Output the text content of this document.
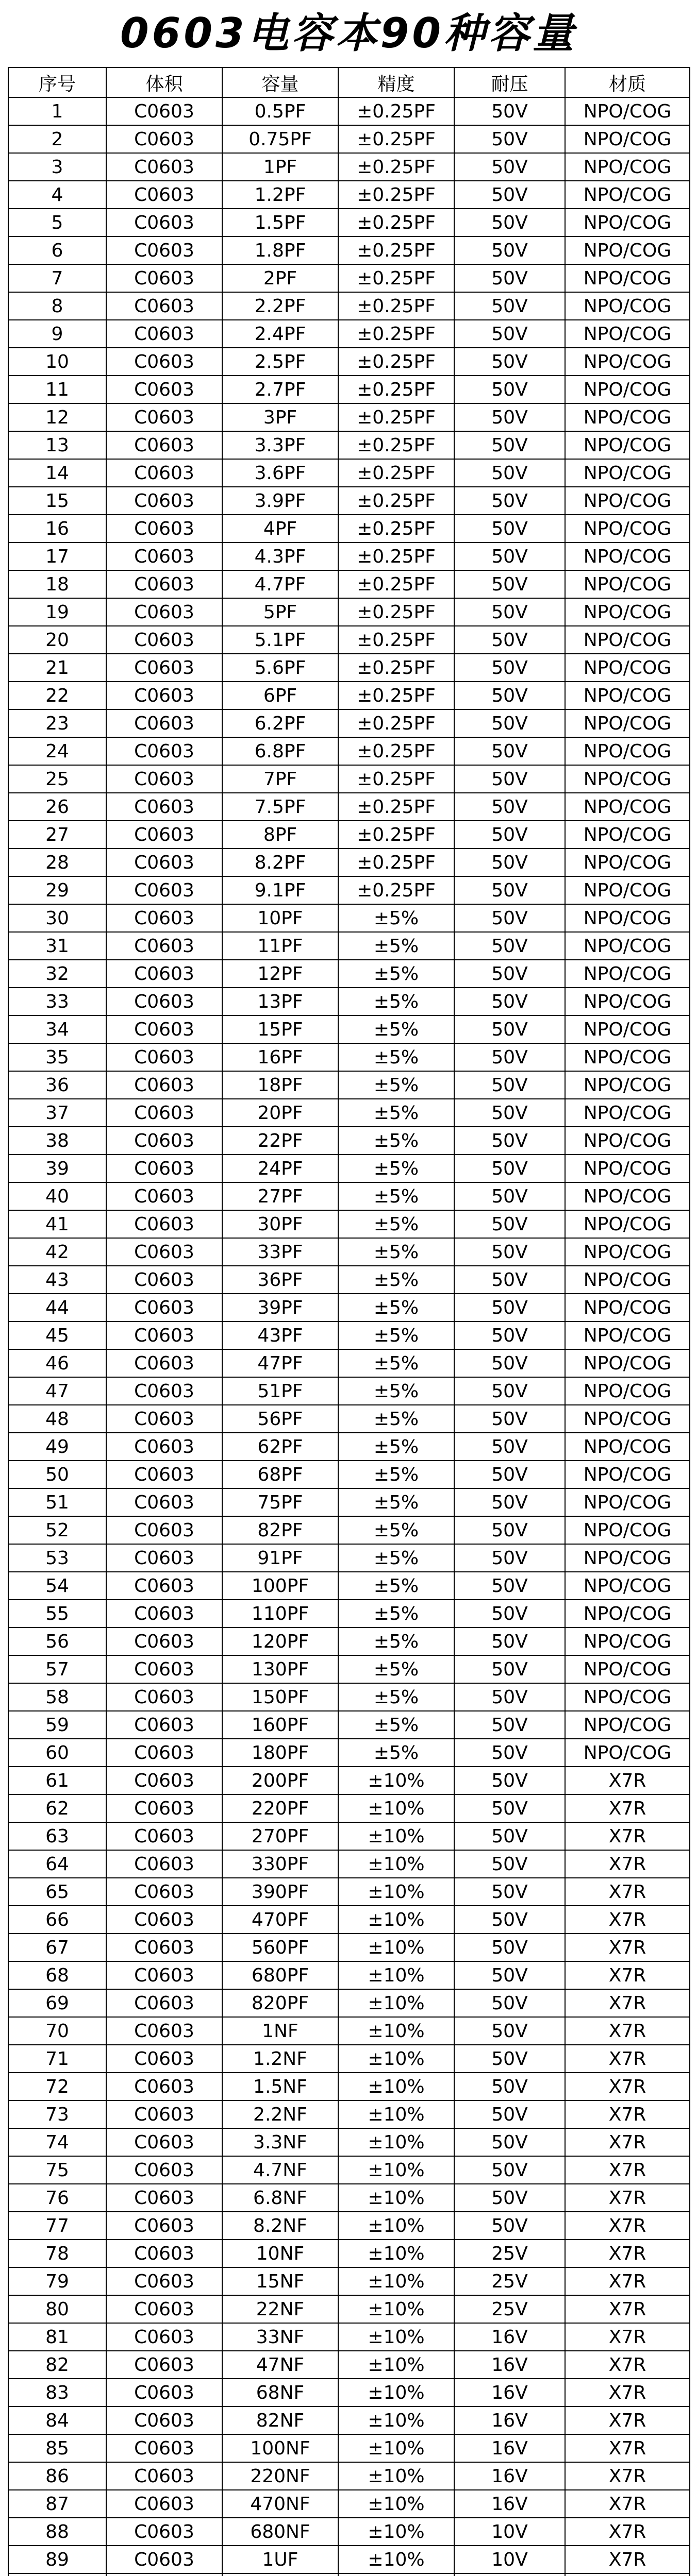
0603电容本90种容量
序号	体积	容量	精度	耐压	材质
1	C0603	0.5PF	±0.25PF	50V	NPO/COG
2	C0603	0.75PF	±0.25PF	50V	NPO/COG
3	C0603	1PF	±0.25PF	50V	NPO/COG
4	C0603	1.2PF	±0.25PF	50V	NPO/COG
5	C0603	1.5PF	±0.25PF	50V	NPO/COG
6	C0603	1.8PF	±0.25PF	50V	NPO/COG
7	C0603	2PF	±0.25PF	50V	NPO/COG
8	C0603	2.2PF	±0.25PF	50V	NPO/COG
9	C0603	2.4PF	±0.25PF	50V	NPO/COG
10	C0603	2.5PF	±0.25PF	50V	NPO/COG
11	C0603	2.7PF	±0.25PF	50V	NPO/COG
12	C0603	3PF	±0.25PF	50V	NPO/COG
13	C0603	3.3PF	±0.25PF	50V	NPO/COG
14	C0603	3.6PF	±0.25PF	50V	NPO/COG
15	C0603	3.9PF	±0.25PF	50V	NPO/COG
16	C0603	4PF	±0.25PF	50V	NPO/COG
17	C0603	4.3PF	±0.25PF	50V	NPO/COG
18	C0603	4.7PF	±0.25PF	50V	NPO/COG
19	C0603	5PF	±0.25PF	50V	NPO/COG
20	C0603	5.1PF	±0.25PF	50V	NPO/COG
21	C0603	5.6PF	±0.25PF	50V	NPO/COG
22	C0603	6PF	±0.25PF	50V	NPO/COG
23	C0603	6.2PF	±0.25PF	50V	NPO/COG
24	C0603	6.8PF	±0.25PF	50V	NPO/COG
25	C0603	7PF	±0.25PF	50V	NPO/COG
26	C0603	7.5PF	±0.25PF	50V	NPO/COG
27	C0603	8PF	±0.25PF	50V	NPO/COG
28	C0603	8.2PF	±0.25PF	50V	NPO/COG
29	C0603	9.1PF	±0.25PF	50V	NPO/COG
30	C0603	10PF	±5%	50V	NPO/COG
31	C0603	11PF	±5%	50V	NPO/COG
32	C0603	12PF	±5%	50V	NPO/COG
33	C0603	13PF	±5%	50V	NPO/COG
34	C0603	15PF	±5%	50V	NPO/COG
35	C0603	16PF	±5%	50V	NPO/COG
36	C0603	18PF	±5%	50V	NPO/COG
37	C0603	20PF	±5%	50V	NPO/COG
38	C0603	22PF	±5%	50V	NPO/COG
39	C0603	24PF	±5%	50V	NPO/COG
40	C0603	27PF	±5%	50V	NPO/COG
41	C0603	30PF	±5%	50V	NPO/COG
42	C0603	33PF	±5%	50V	NPO/COG
43	C0603	36PF	±5%	50V	NPO/COG
44	C0603	39PF	±5%	50V	NPO/COG
45	C0603	43PF	±5%	50V	NPO/COG
46	C0603	47PF	±5%	50V	NPO/COG
47	C0603	51PF	±5%	50V	NPO/COG
48	C0603	56PF	±5%	50V	NPO/COG
49	C0603	62PF	±5%	50V	NPO/COG
50	C0603	68PF	±5%	50V	NPO/COG
51	C0603	75PF	±5%	50V	NPO/COG
52	C0603	82PF	±5%	50V	NPO/COG
53	C0603	91PF	±5%	50V	NPO/COG
54	C0603	100PF	±5%	50V	NPO/COG
55	C0603	110PF	±5%	50V	NPO/COG
56	C0603	120PF	±5%	50V	NPO/COG
57	C0603	130PF	±5%	50V	NPO/COG
58	C0603	150PF	±5%	50V	NPO/COG
59	C0603	160PF	±5%	50V	NPO/COG
60	C0603	180PF	±5%	50V	NPO/COG
61	C0603	200PF	±10%	50V	X7R
62	C0603	220PF	±10%	50V	X7R
63	C0603	270PF	±10%	50V	X7R
64	C0603	330PF	±10%	50V	X7R
65	C0603	390PF	±10%	50V	X7R
66	C0603	470PF	±10%	50V	X7R
67	C0603	560PF	±10%	50V	X7R
68	C0603	680PF	±10%	50V	X7R
69	C0603	820PF	±10%	50V	X7R
70	C0603	1NF	±10%	50V	X7R
71	C0603	1.2NF	±10%	50V	X7R
72	C0603	1.5NF	±10%	50V	X7R
73	C0603	2.2NF	±10%	50V	X7R
74	C0603	3.3NF	±10%	50V	X7R
75	C0603	4.7NF	±10%	50V	X7R
76	C0603	6.8NF	±10%	50V	X7R
77	C0603	8.2NF	±10%	50V	X7R
78	C0603	10NF	±10%	25V	X7R
79	C0603	15NF	±10%	25V	X7R
80	C0603	22NF	±10%	25V	X7R
81	C0603	33NF	±10%	16V	X7R
82	C0603	47NF	±10%	16V	X7R
83	C0603	68NF	±10%	16V	X7R
84	C0603	82NF	±10%	16V	X7R
85	C0603	100NF	±10%	16V	X7R
86	C0603	220NF	±10%	16V	X7R
87	C0603	470NF	±10%	16V	X7R
88	C0603	680NF	±10%	10V	X7R
89	C0603	1UF	±10%	10V	X7R
